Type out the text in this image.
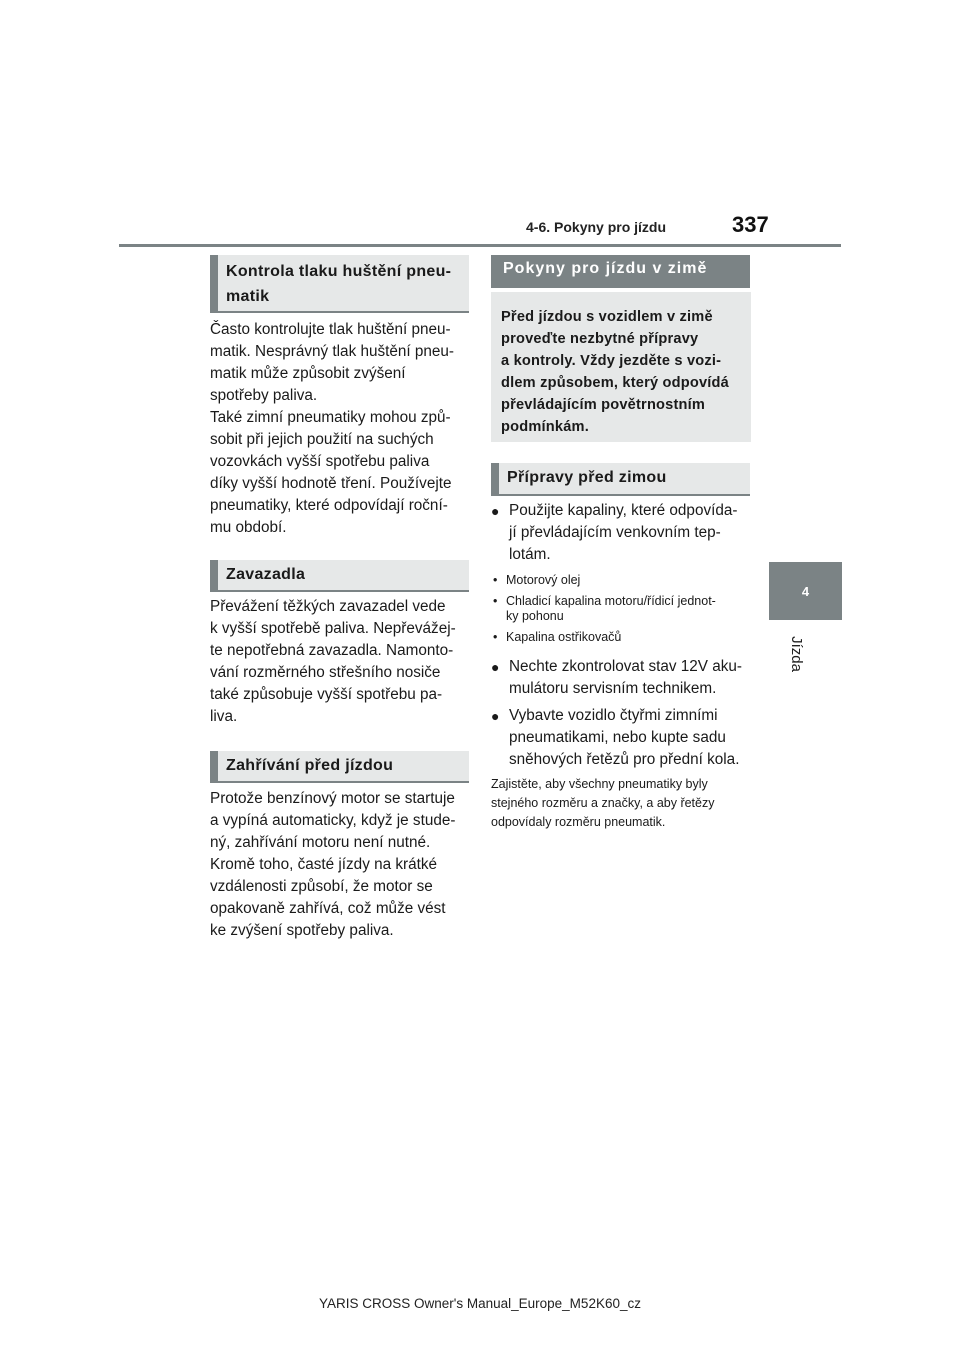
4-6. Pokyny pro jízdu	337
4
Jízda
Kontrola tlaku huštění pneu-
matik
Často kontrolujte tlak huštění pneu-
matik. Nesprávný tlak huštění pneu-
matik může způsobit zvýšení
spotřeby paliva.
Také zimní pneumatiky mohou způ-
sobit při jejich použití na suchých
vozovkách vyšší spotřebu paliva
díky vyšší hodnotě tření. Používejte
pneumatiky, které odpovídají roční-
mu období.
Zavazadla
Převážení těžkých zavazadel vede
k vyšší spotřebě paliva. Nepřevážej-
te nepotřebná zavazadla. Namonto-
vání rozměrného střešního nosiče
také způsobuje vyšší spotřebu pa-
liva.
Zahřívání před jízdou
Protože benzínový motor se startuje
a vypíná automaticky, když je stude-
ný, zahřívání motoru není nutné.
Kromě toho, časté jízdy na krátké
vzdálenosti způsobí, že motor se
opakovaně zahřívá, což může vést
ke zvýšení spotřeby paliva.
Pokyny pro jízdu v zimě
Před jízdou s vozidlem v zimě
proveďte nezbytné přípravy
a kontroly. Vždy jezděte s vozi-
dlem způsobem, který odpovídá
převládajícím povětrnostním
podmínkám.
Přípravy před zimou
● Použijte kapaliny, které odpovída-
jí převládajícím venkovním tep-
lotám.
• Motorový olej
• Chladicí kapalina motoru/řídicí jednot-
ky pohonu
• Kapalina ostřikovačů
● Nechte zkontrolovat stav 12V aku-
mulátoru servisním technikem.
● Vybavte vozidlo čtyřmi zimními
pneumatikami, nebo kupte sadu
sněhových řetězů pro přední kola.
Zajistěte, aby všechny pneumatiky byly
stejného rozměru a značky, a aby řetězy
odpovídaly rozměru pneumatik.
YARIS CROSS Owner's Manual_Europe_M52K60_cz
